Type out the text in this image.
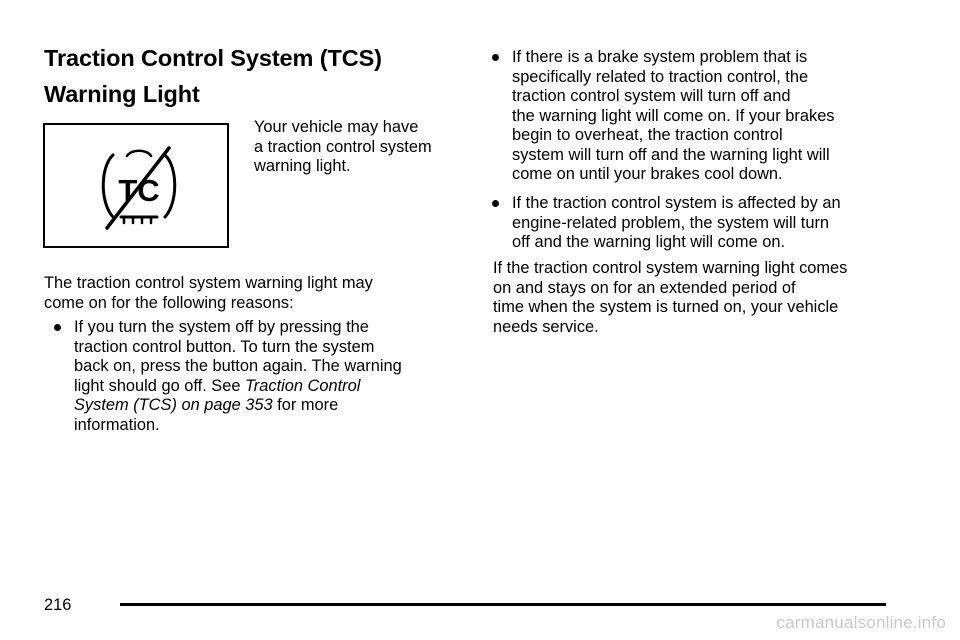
Traction Control System (TCS)
Warning Light
TC
Your vehicle may have
a traction control system
warning light.
The traction control system warning light may
come on for the following reasons:
If you turn the system off by pressing the
traction control button. To turn the system
back on, press the button again. The warning
light should go off. See Traction Control
System (TCS) on page 353 for more
information.
If there is a brake system problem that is
specifically related to traction control, the
traction control system will turn off and
the warning light will come on. If your brakes
begin to overheat, the traction control
system will turn off and the warning light will
come on until your brakes cool down.
If the traction control system is affected by an
engine-related problem, the system will turn
off and the warning light will come on.
If the traction control system warning light comes
on and stays on for an extended period of
time when the system is turned on, your vehicle
needs service.
216
carmanualsonline.info
